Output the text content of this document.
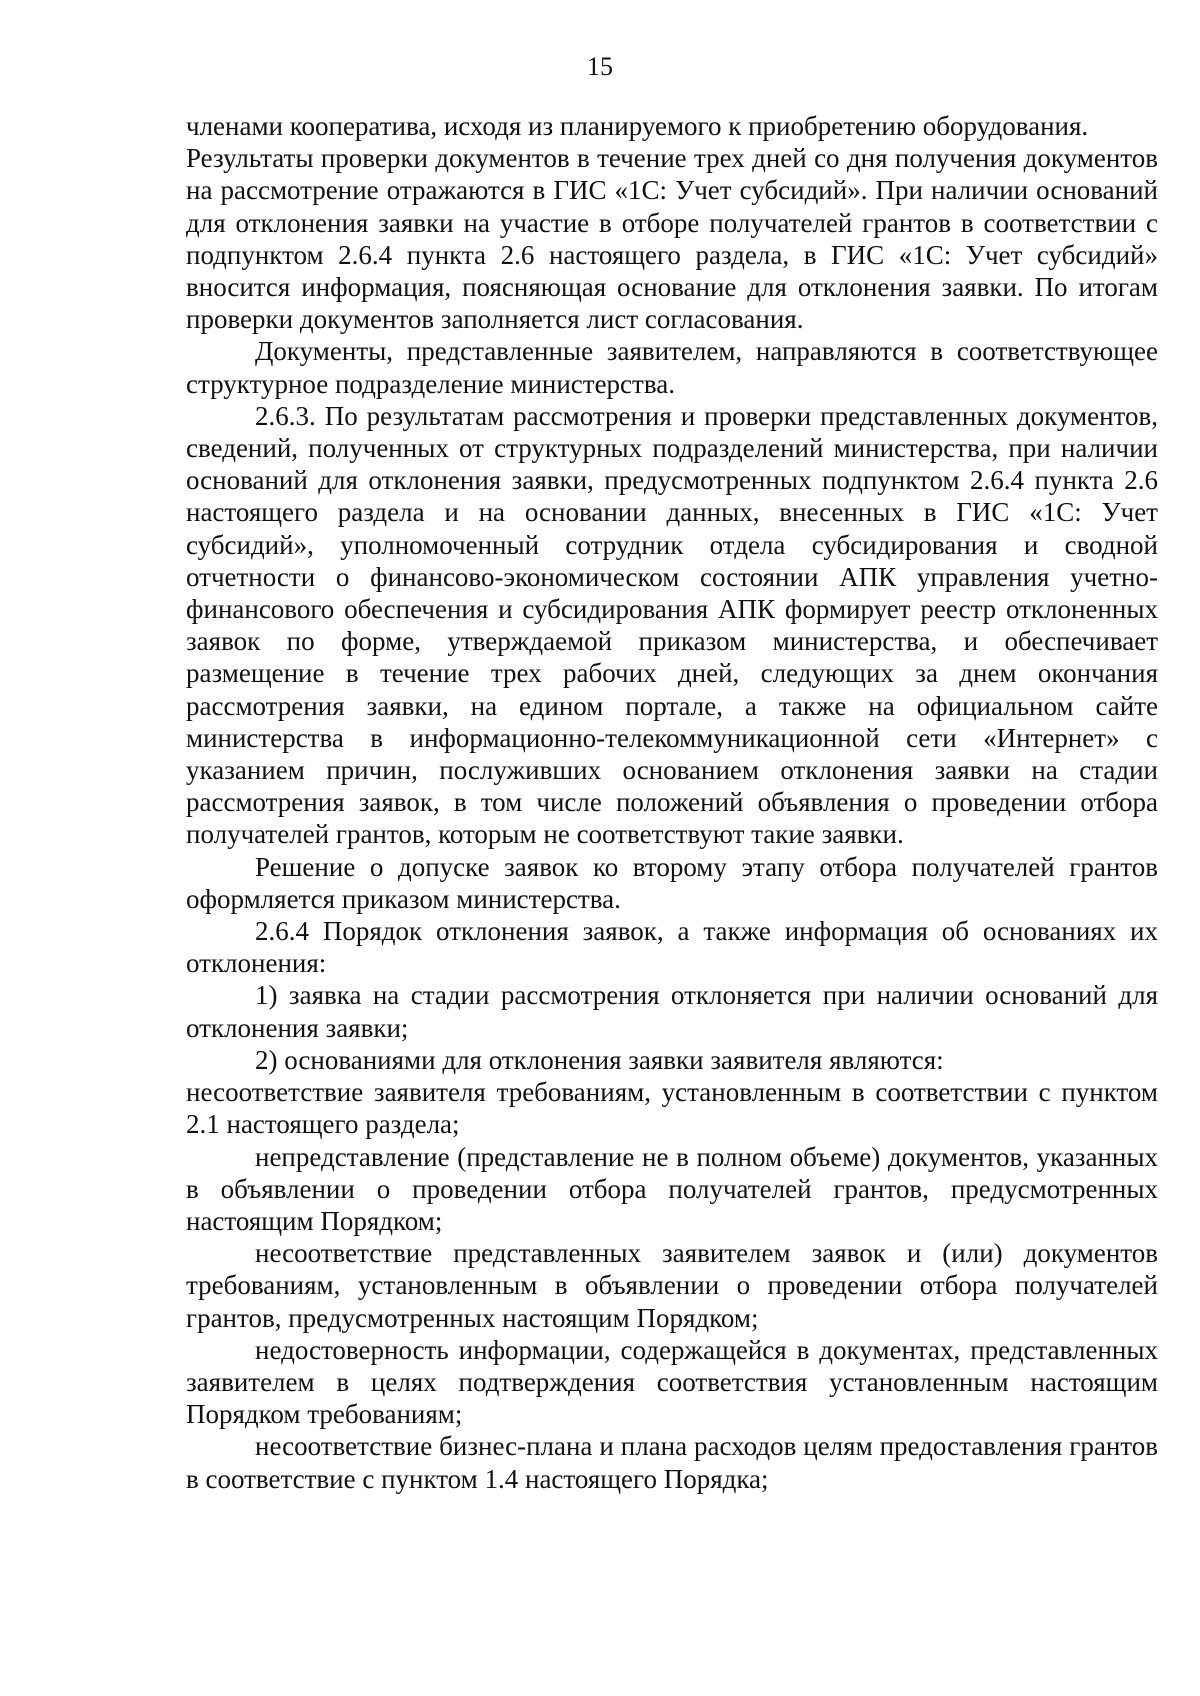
15

членами кооператива, исходя из планируемого к приобретению оборудования.

Результаты проверки документов в течение трех дней со дня получения документов на рассмотрение отражаются в ГИС «1С: Учет субсидий». При наличии оснований для отклонения заявки на участие в отборе получателей грантов в соответствии с подпунктом 2.6.4 пункта 2.6 настоящего раздела, в ГИС «1С: Учет субсидий» вносится информация, поясняющая основание для отклонения заявки. По итогам проверки документов заполняется лист согласования.

Документы, представленные заявителем, направляются в соответствующее структурное подразделение министерства.

2.6.3. По результатам рассмотрения и проверки представленных документов, сведений, полученных от структурных подразделений министерства, при наличии оснований для отклонения заявки, предусмотренных подпунктом 2.6.4 пункта 2.6 настоящего раздела и на основании данных, внесенных в ГИС «1С: Учет субсидий», уполномоченный сотрудник отдела субсидирования и сводной отчетности о финансово-экономическом состоянии АПК управления учетно-финансового обеспечения и субсидирования АПК формирует реестр отклоненных заявок по форме, утверждаемой приказом министерства, и обеспечивает размещение в течение трех рабочих дней, следующих за днем окончания рассмотрения заявки, на едином портале, а также на официальном сайте министерства в информационно-телекоммуникационной сети «Интернет» с указанием причин, послуживших основанием отклонения заявки на стадии рассмотрения заявок, в том числе положений объявления о проведении отбора получателей грантов, которым не соответствуют такие заявки.

Решение о допуске заявок ко второму этапу отбора получателей грантов оформляется приказом министерства.

2.6.4 Порядок отклонения заявок, а также информация об основаниях их отклонения:

1) заявка на стадии рассмотрения отклоняется при наличии оснований для отклонения заявки;

2) основаниями для отклонения заявки заявителя являются:

несоответствие заявителя требованиям, установленным в соответствии с пунктом 2.1 настоящего раздела;

непредставление (представление не в полном объеме) документов, указанных в объявлении о проведении отбора получателей грантов, предусмотренных настоящим Порядком;

несоответствие представленных заявителем заявок и (или) документов требованиям, установленным в объявлении о проведении отбора получателей грантов, предусмотренных настоящим Порядком;

недостоверность информации, содержащейся в документах, представленных заявителем в целях подтверждения соответствия установленным настоящим Порядком требованиям;

несоответствие бизнес-плана и плана расходов целям предоставления грантов в соответствие с пунктом 1.4 настоящего Порядка;
